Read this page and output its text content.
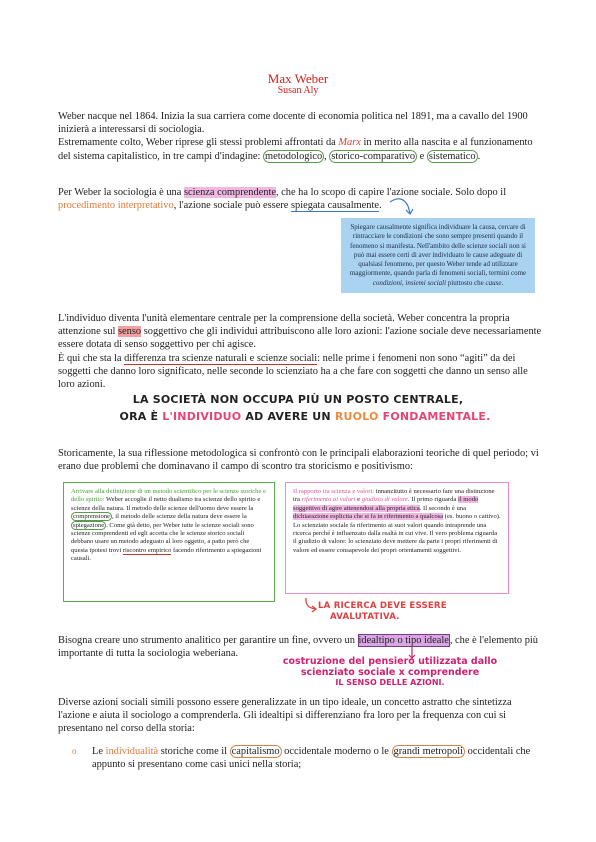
Max Weber
Susan Aly
Weber nacque nel 1864. Inizia la sua carriera come docente di economia politica nel 1891, ma a cavallo del 1900 inizierà a interessarsi di sociologia.
Estremamente colto, Weber riprese gli stessi problemi affrontati da Marx in merito alla nascita e al funzionamento del sistema capitalistico, in tre campi d'indagine: metodologico , storico-comparativo e sistematico .
Per Weber la sociologia è una scienza comprendente, che ha lo scopo di capire l'azione sociale. Solo dopo il procedimento interpretativo, l'azione sociale può essere spiegata causalmente.
Spiegare causalmente significa individuare la causa, cercare di rintracciare le condizioni che sono sempre presenti quando il fenomeno si manifesta. Nell'ambito delle scienze sociali non si può mai essere certi di aver individuato le cause adeguate di qualsiasi fenomeno, per questo Weber tende ad utilizzare maggiormente, quando parla di fenomeni sociali, termini come condizioni, insiemi sociali piuttosto che cause.
L'individuo diventa l'unità elementare centrale per la comprensione della società. Weber concentra la propria attenzione sul senso soggettivo che gli individui attribuiscono alle loro azioni: l'azione sociale deve necessariamente essere dotata di senso soggettivo per chi agisce.
È qui che sta la differenza tra scienze naturali e scienze sociali: nelle prime i fenomeni non sono “agiti” da dei soggetti che danno loro significato, nelle seconde lo scienziato ha a che fare con soggetti che danno un senso alle loro azioni.
LA SOCIETÀ NON OCCUPA PIÙ UN POSTO CENTRALE,
ORA È L'INDIVIDUO AD AVERE UN RUOLO FONDAMENTALE.
Storicamente, la sua riflessione metodologica si confrontò con le principali elaborazioni teoriche di quel periodo; vi erano due problemi che dominavano il campo di scontro tra storicismo e positivismo:
Arrivare alla definizione di un metodo scientifico per le scienze storiche e dello spirito: Weber accoglie il netto dualismo tra scienze dello spirito e scienze della natura. Il metodo delle scienze dell'uomo deve essere la comprensione , il metodo delle scienze della natura deve essere la spiegazione . Come già detto, per Weber tutte le scienze sociali sono scienze comprendenti ed egli accetta che le scienze storico sociali debbano usare un metodo adeguato al loro oggetto, a patto però che questa ipotesi trovi riscontro empirico facendo riferimento a spiegazioni causali.
Il rapporto tra scienza e valori: innanzitutto è necessario fare una distinzione tra riferimento ai valori e giudizio di valore. Il primo riguarda il modo soggettivo di agire attenendosi alla propria etica. Il secondo è una dichiarazione esplicita che si fa in riferimento a qualcosa (es. buono o cattivo). Lo scienziato sociale fa riferimento ai suoi valori quando intraprende una ricerca perché è influenzato dalla realtà in cui vive. Il vero problema riguarda il giudizio di valore: lo scienziato deve mettere da parte i propri riferimenti di valore ed essere consapevole dei propri orientamenti soggettivi.
LA RICERCA DEVE ESSERE
AVALUTATIVA.
Bisogna creare uno strumento analitico per garantire un fine, ovvero un idealtipo o tipo ideale, che è l'elemento più importante di tutta la sociologia weberiana.
costruzione del pensiero utilizzata dallo
scienziato sociale x comprendere
IL SENSO DELLE AZIONI.
Diverse azioni sociali simili possono essere generalizzate in un tipo ideale, un concetto astratto che sintetizza l'azione e aiuta il sociologo a comprenderla. Gli idealtipi si differenziano fra loro per la frequenza con cui si presentano nel corso della storia:
o Le individualità storiche come il capitalismo occidentale moderno o le grandi metropoli occidentali che appunto si presentano come casi unici nella storia;
